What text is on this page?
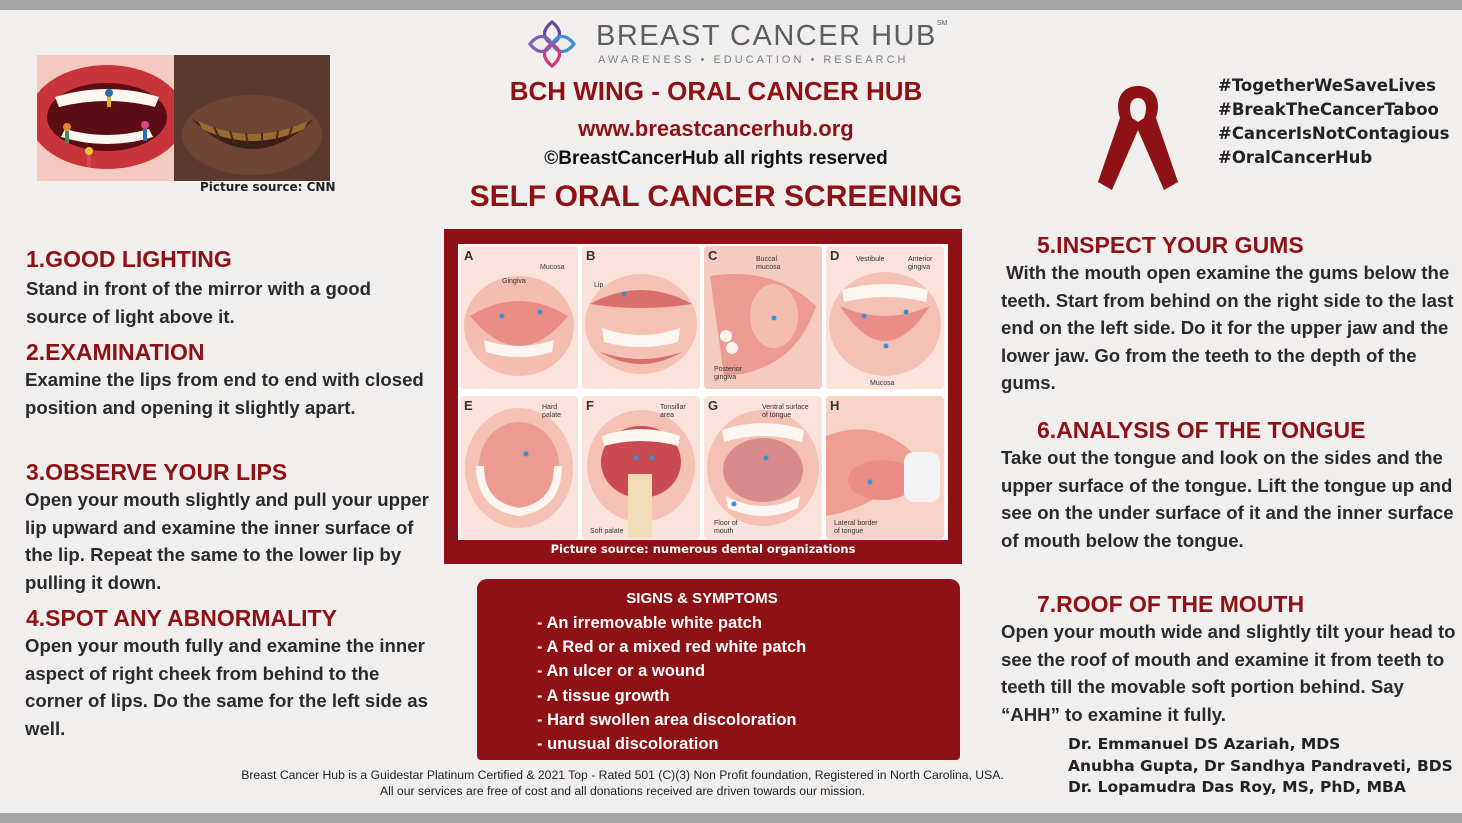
BREAST CANCER HUB℠
AWARENESS • EDUCATION • RESEARCH
BCH WING - ORAL CANCER HUB
www.breastcancerhub.org
©BreastCancerHub all rights reserved
SELF ORAL CANCER SCREENING
Picture source: CNN
#TogetherWeSaveLives
#BreakTheCancerTaboo
#CancerIsNotContagious
#OralCancerHub
1.GOOD LIGHTING
Stand in front of the mirror with a good source of light above it.
2.EXAMINATION
Examine the lips from end to end with closed position and opening it slightly apart.
3.OBSERVE YOUR LIPS
Open your mouth slightly and pull your upper lip upward and examine the inner surface of the lip. Repeat the same to the lower lip by pulling it down.
4.SPOT ANY ABNORMALITY
Open your mouth fully and examine the inner aspect of right cheek from behind to the corner of lips. Do the same for the left side as well.
A
Gingiva
Mucosa
B
Lip
C	Buccal
mucosa
Posterior
gingiva
D Vestibule	Anterior
gingiva
Mucosa
E	Hard
palate
F	Tonsillar
area
Soft palate
G	Ventral surface
of tongue
Floor of
mouth
H
Lateral border
of tongue
Picture source: numerous dental organizations
5.INSPECT YOUR GUMS
With the mouth open examine the gums below the teeth. Start from behind on the right side to the last end on the left side. Do it for the upper jaw and the lower jaw. Go from the teeth to the depth of the gums.
6.ANALYSIS OF THE TONGUE
Take out the tongue and look on the sides and the upper surface of the tongue. Lift the tongue up and see on the under surface of it and the inner surface of mouth below the tongue.
7.ROOF OF THE MOUTH
Open your mouth wide and slightly tilt your head to see the roof of mouth and examine it from teeth to teeth till the movable soft portion behind. Say “AHH” to examine it fully.
SIGNS & SYMPTOMS
- An irremovable white patch
- A Red or a mixed red white patch
- An ulcer or a wound
- A tissue growth
- Hard swollen area discoloration
- unusual discoloration	Dr. Emmanuel DS Azariah, MDS
Anubha Gupta, Dr Sandhya Pandraveti, BDS
Dr. Lopamudra Das Roy, MS, PhD, MBA
Breast Cancer Hub is a Guidestar Platinum Certified & 2021 Top - Rated 501 (C)(3) Non Profit foundation, Registered in North Carolina, USA.
All our services are free of cost and all donations received are driven towards our mission.
